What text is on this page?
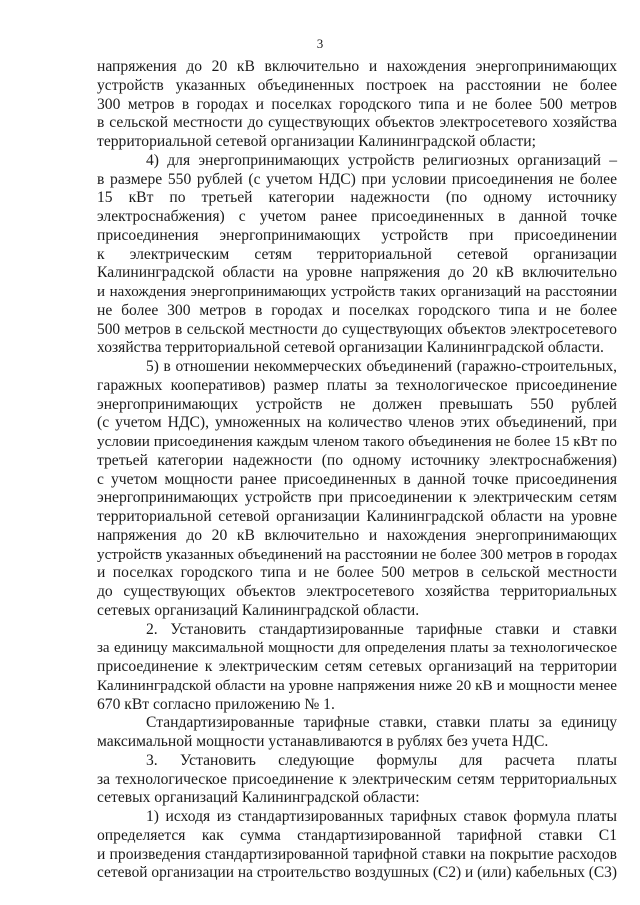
3
напряжения до 20 кВ включительно и нахождения энергопринимающих
устройств указанных объединенных построек на расстоянии не более
300 метров в городах и поселках городского типа и не более 500 метров
в сельской местности до существующих объектов электросетевого хозяйства
территориальной сетевой организации Калининградской области;
4) для энергопринимающих устройств религиозных организаций –
в размере 550 рублей (с учетом НДС) при условии присоединения не более
15 кВт по третьей категории надежности (по одному источнику
электроснабжения) с учетом ранее присоединенных в данной точке
присоединения энергопринимающих устройств при присоединении
к электрическим сетям территориальной сетевой организации
Калининградской области на уровне напряжения до 20 кВ включительно
и нахождения энергопринимающих устройств таких организаций на расстоянии
не более 300 метров в городах и поселках городского типа и не более
500 метров в сельской местности до существующих объектов электросетевого
хозяйства территориальной сетевой организации Калининградской области.
5) в отношении некоммерческих объединений (гаражно-строительных,
гаражных кооперативов) размер платы за технологическое присоединение
энергопринимающих устройств не должен превышать 550 рублей
(с учетом НДС), умноженных на количество членов этих объединений, при
условии присоединения каждым членом такого объединения не более 15 кВт по
третьей категории надежности (по одному источнику электроснабжения)
с учетом мощности ранее присоединенных в данной точке присоединения
энергопринимающих устройств при присоединении к электрическим сетям
территориальной сетевой организации Калининградской области на уровне
напряжения до 20 кВ включительно и нахождения энергопринимающих
устройств указанных объединений на расстоянии не более 300 метров в городах
и поселках городского типа и не более 500 метров в сельской местности
до существующих объектов электросетевого хозяйства территориальных
сетевых организаций Калининградской области.
2. Установить стандартизированные тарифные ставки и ставки
за единицу максимальной мощности для определения платы за технологическое
присоединение к электрическим сетям сетевых организаций на территории
Калининградской области на уровне напряжения ниже 20 кВ и мощности менее
670 кВт согласно приложению № 1.
Стандартизированные тарифные ставки, ставки платы за единицу
максимальной мощности устанавливаются в рублях без учета НДС.
3. Установить следующие формулы для расчета платы
за технологическое присоединение к электрическим сетям территориальных
сетевых организаций Калининградской области:
1) исходя из стандартизированных тарифных ставок формула платы
определяется как сумма стандартизированной тарифной ставки С1
и произведения стандартизированной тарифной ставки на покрытие расходов
сетевой организации на строительство воздушных (С2) и (или) кабельных (С3)
